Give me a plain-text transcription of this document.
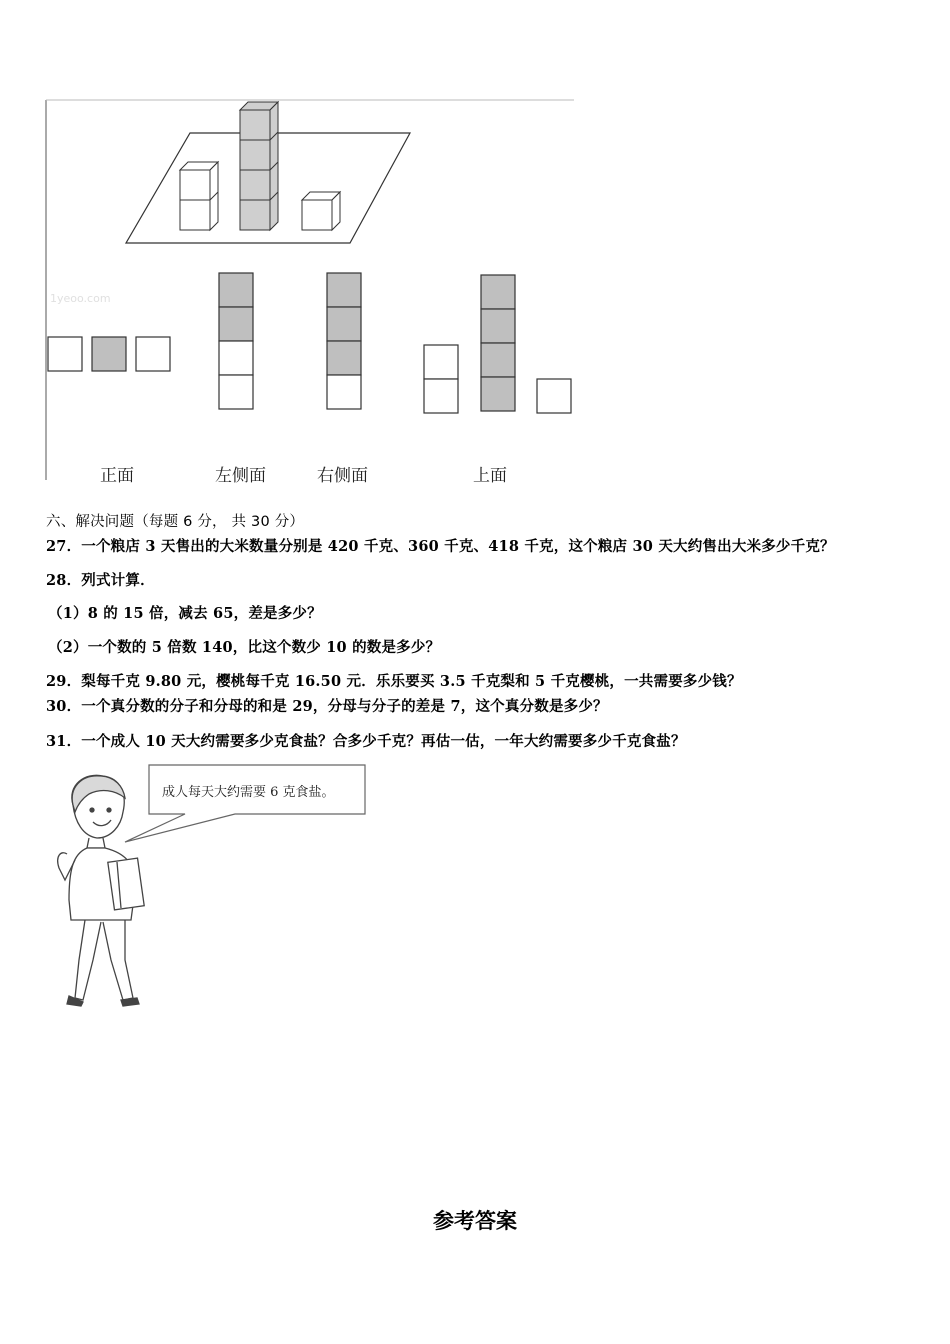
1yeoo.com
正面	左侧面	右侧面	上面
六、解决问题（每题 6 分， 共 30 分）
27．一个粮店 3 天售出的大米数量分别是 420 千克、360 千克、418 千克，这个粮店 30 天大约售出大米多少千克？
28．列式计算．
（1）8 的 15 倍，减去 65，差是多少？
（2）一个数的 5 倍数 140，比这个数少 10 的数是多少？
29．梨每千克 9.80 元，樱桃每千克 16.50 元．乐乐要买 3.5 千克梨和 5 千克樱桃，一共需要多少钱？
30．一个真分数的分子和分母的和是 29，分母与分子的差是 7，这个真分数是多少？
31．一个成人 10 天大约需要多少克食盐？合多少千克？再估一估，一年大约需要多少千克食盐？
成人每天大约需要 6 克食盐。
参考答案
